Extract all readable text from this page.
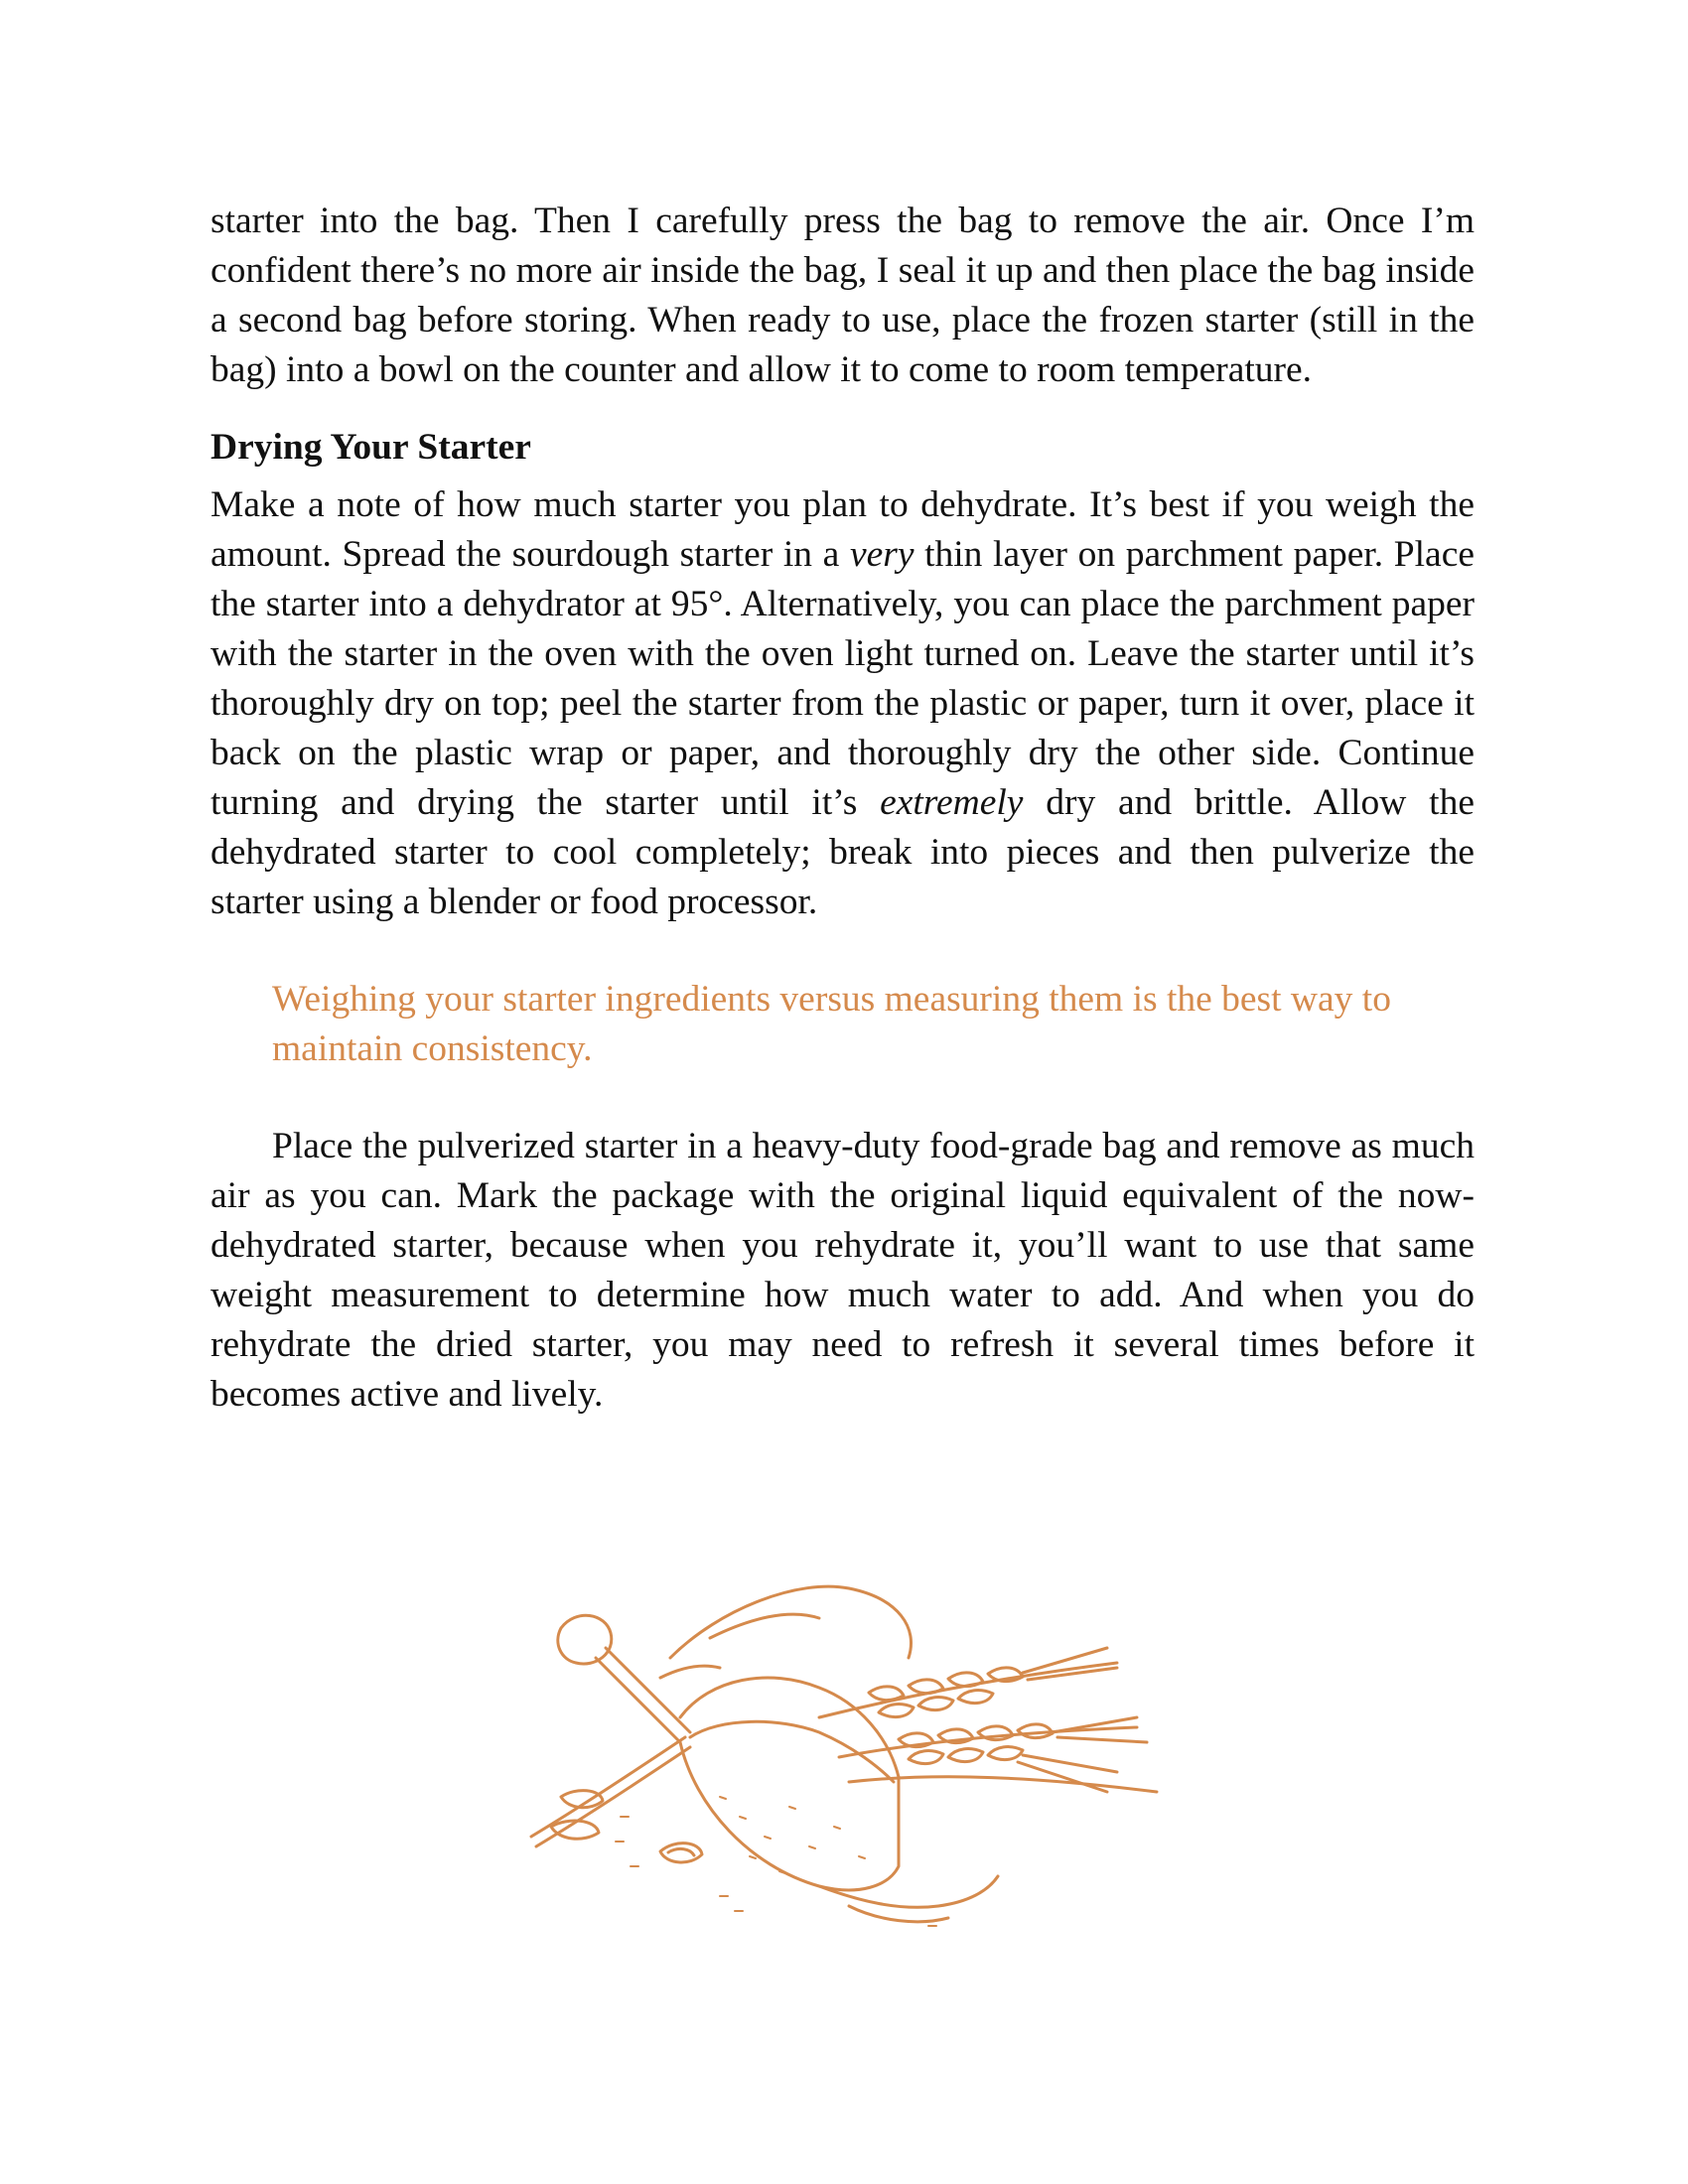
starter into the bag. Then I carefully press the bag to remove the air. Once I’m confident there’s no more air inside the bag, I seal it up and then place the bag inside a second bag before storing. When ready to use, place the frozen starter (still in the bag) into a bowl on the counter and allow it to come to room temperature.

Drying Your Starter

Make a note of how much starter you plan to dehydrate. It’s best if you weigh the amount. Spread the sourdough starter in a very thin layer on parchment paper. Place the starter into a dehydrator at 95°. Alternatively, you can place the parchment paper with the starter in the oven with the oven light turned on. Leave the starter until it’s thoroughly dry on top; peel the starter from the plastic or paper, turn it over, place it back on the plastic wrap or paper, and thoroughly dry the other side. Continue turning and drying the starter until it’s extremely dry and brittle. Allow the dehydrated starter to cool completely; break into pieces and then pulverize the starter using a blender or food processor.

Weighing your starter ingredients versus measuring them is the best way to maintain consistency.

Place the pulverized starter in a heavy-duty food-grade bag and remove as much air as you can. Mark the package with the original liquid equivalent of the now-dehydrated starter, because when you rehydrate it, you’ll want to use that same weight measurement to determine how much water to add. And when you do rehydrate the dried starter, you may need to refresh it several times before it becomes active and lively.
